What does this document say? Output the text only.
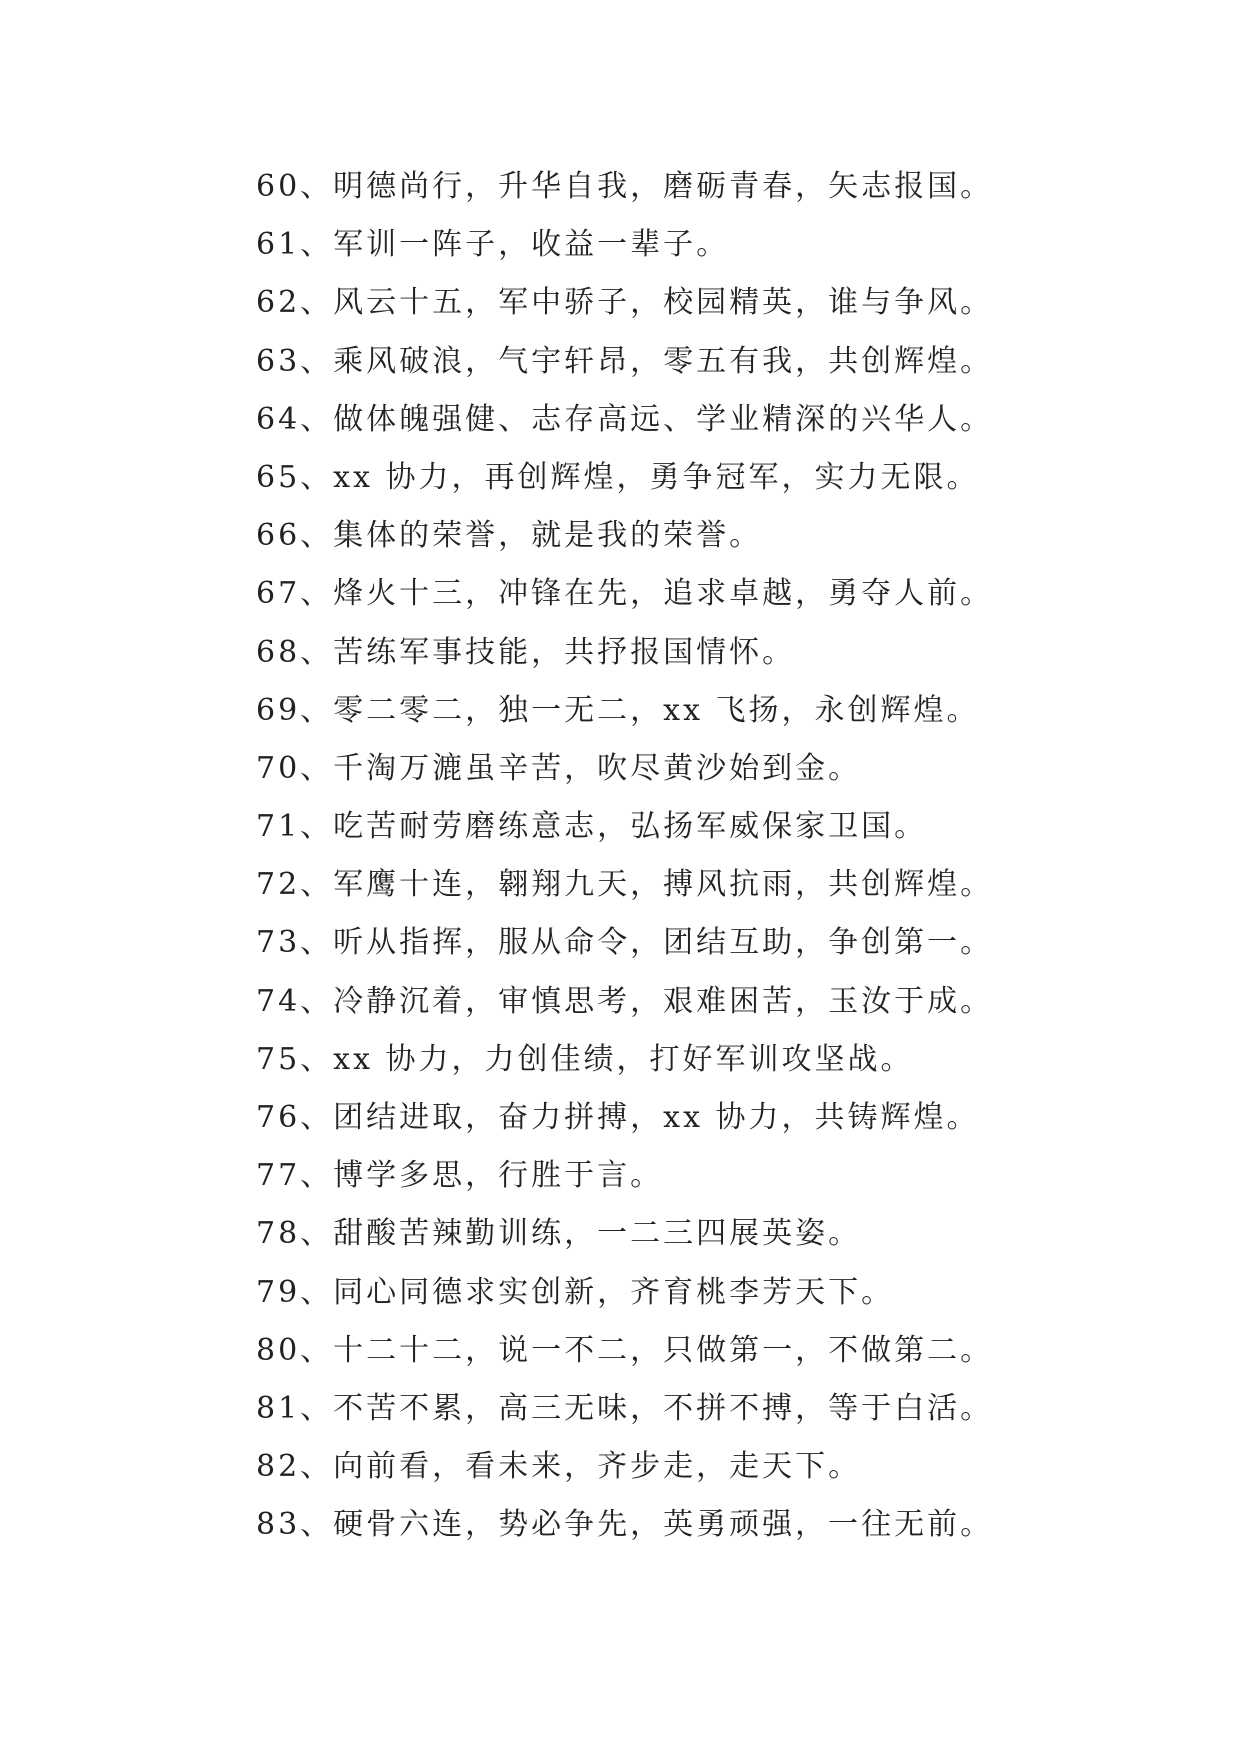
60、明德尚行，升华自我，磨砺青春，矢志报国。
61、军训一阵子，收益一辈子。
62、风云十五，军中骄子，校园精英，谁与争风。
63、乘风破浪，气宇轩昂，零五有我，共创辉煌。
64、做体魄强健、志存高远、学业精深的兴华人。
65、xx 协力，再创辉煌，勇争冠军，实力无限。
66、集体的荣誉，就是我的荣誉。
67、烽火十三，冲锋在先，追求卓越，勇夺人前。
68、苦练军事技能，共抒报国情怀。
69、零二零二，独一无二，xx 飞扬，永创辉煌。
70、千淘万漉虽辛苦，吹尽黄沙始到金。
71、吃苦耐劳磨练意志，弘扬军威保家卫国。
72、军鹰十连，翱翔九天，搏风抗雨，共创辉煌。
73、听从指挥，服从命令，团结互助，争创第一。
74、冷静沉着，审慎思考，艰难困苦，玉汝于成。
75、xx 协力，力创佳绩，打好军训攻坚战。
76、团结进取，奋力拼搏，xx 协力，共铸辉煌。
77、博学多思，行胜于言。
78、甜酸苦辣勤训练，一二三四展英姿。
79、同心同德求实创新，齐育桃李芳天下。
80、十二十二，说一不二，只做第一，不做第二。
81、不苦不累，高三无味，不拼不搏，等于白活。
82、向前看，看未来，齐步走，走天下。
83、硬骨六连，势必争先，英勇顽强，一往无前。
